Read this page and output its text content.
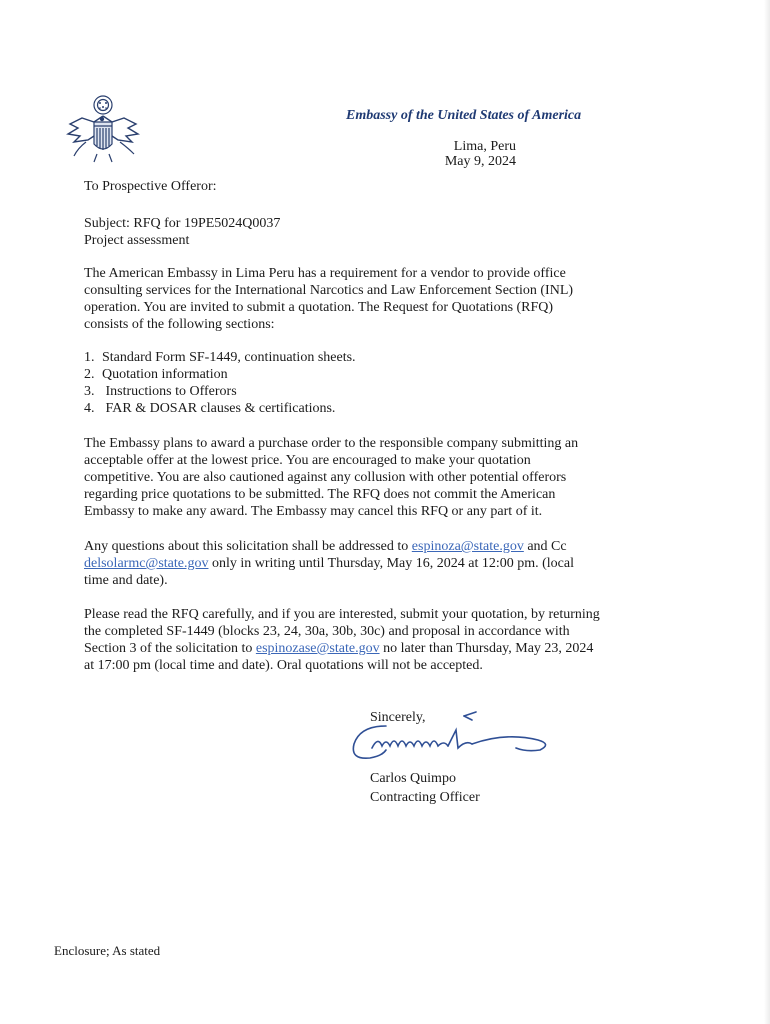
Embassy of the United States of America
Lima, Peru
May 9, 2024
To Prospective Offeror:
Subject: RFQ for 19PE5024Q0037
Project assessment
The American Embassy in Lima Peru has a requirement for a vendor to provide office
consulting services for the International Narcotics and Law Enforcement Section (INL)
operation. You are invited to submit a quotation. The Request for Quotations (RFQ)
consists of the following sections:
1. Standard Form SF-1449, continuation sheets.
2. Quotation information
3. Instructions to Offerors
4. FAR & DOSAR clauses & certifications.
The Embassy plans to award a purchase order to the responsible company submitting an
acceptable offer at the lowest price. You are encouraged to make your quotation
competitive. You are also cautioned against any collusion with other potential offerors
regarding price quotations to be submitted. The RFQ does not commit the American
Embassy to make any award. The Embassy may cancel this RFQ or any part of it.
Any questions about this solicitation shall be addressed to espinoza@state.gov and Cc
delsolarmc@state.gov only in writing until Thursday, May 16, 2024 at 12:00 pm. (local
time and date).
Please read the RFQ carefully, and if you are interested, submit your quotation, by returning
the completed SF-1449 (blocks 23, 24, 30a, 30b, 30c) and proposal in accordance with
Section 3 of the solicitation to espinozase@state.gov no later than Thursday, May 23, 2024
at 17:00 pm (local time and date). Oral quotations will not be accepted.
Sincerely,
Carlos Quimpo
Contracting Officer
Enclosure; As stated
